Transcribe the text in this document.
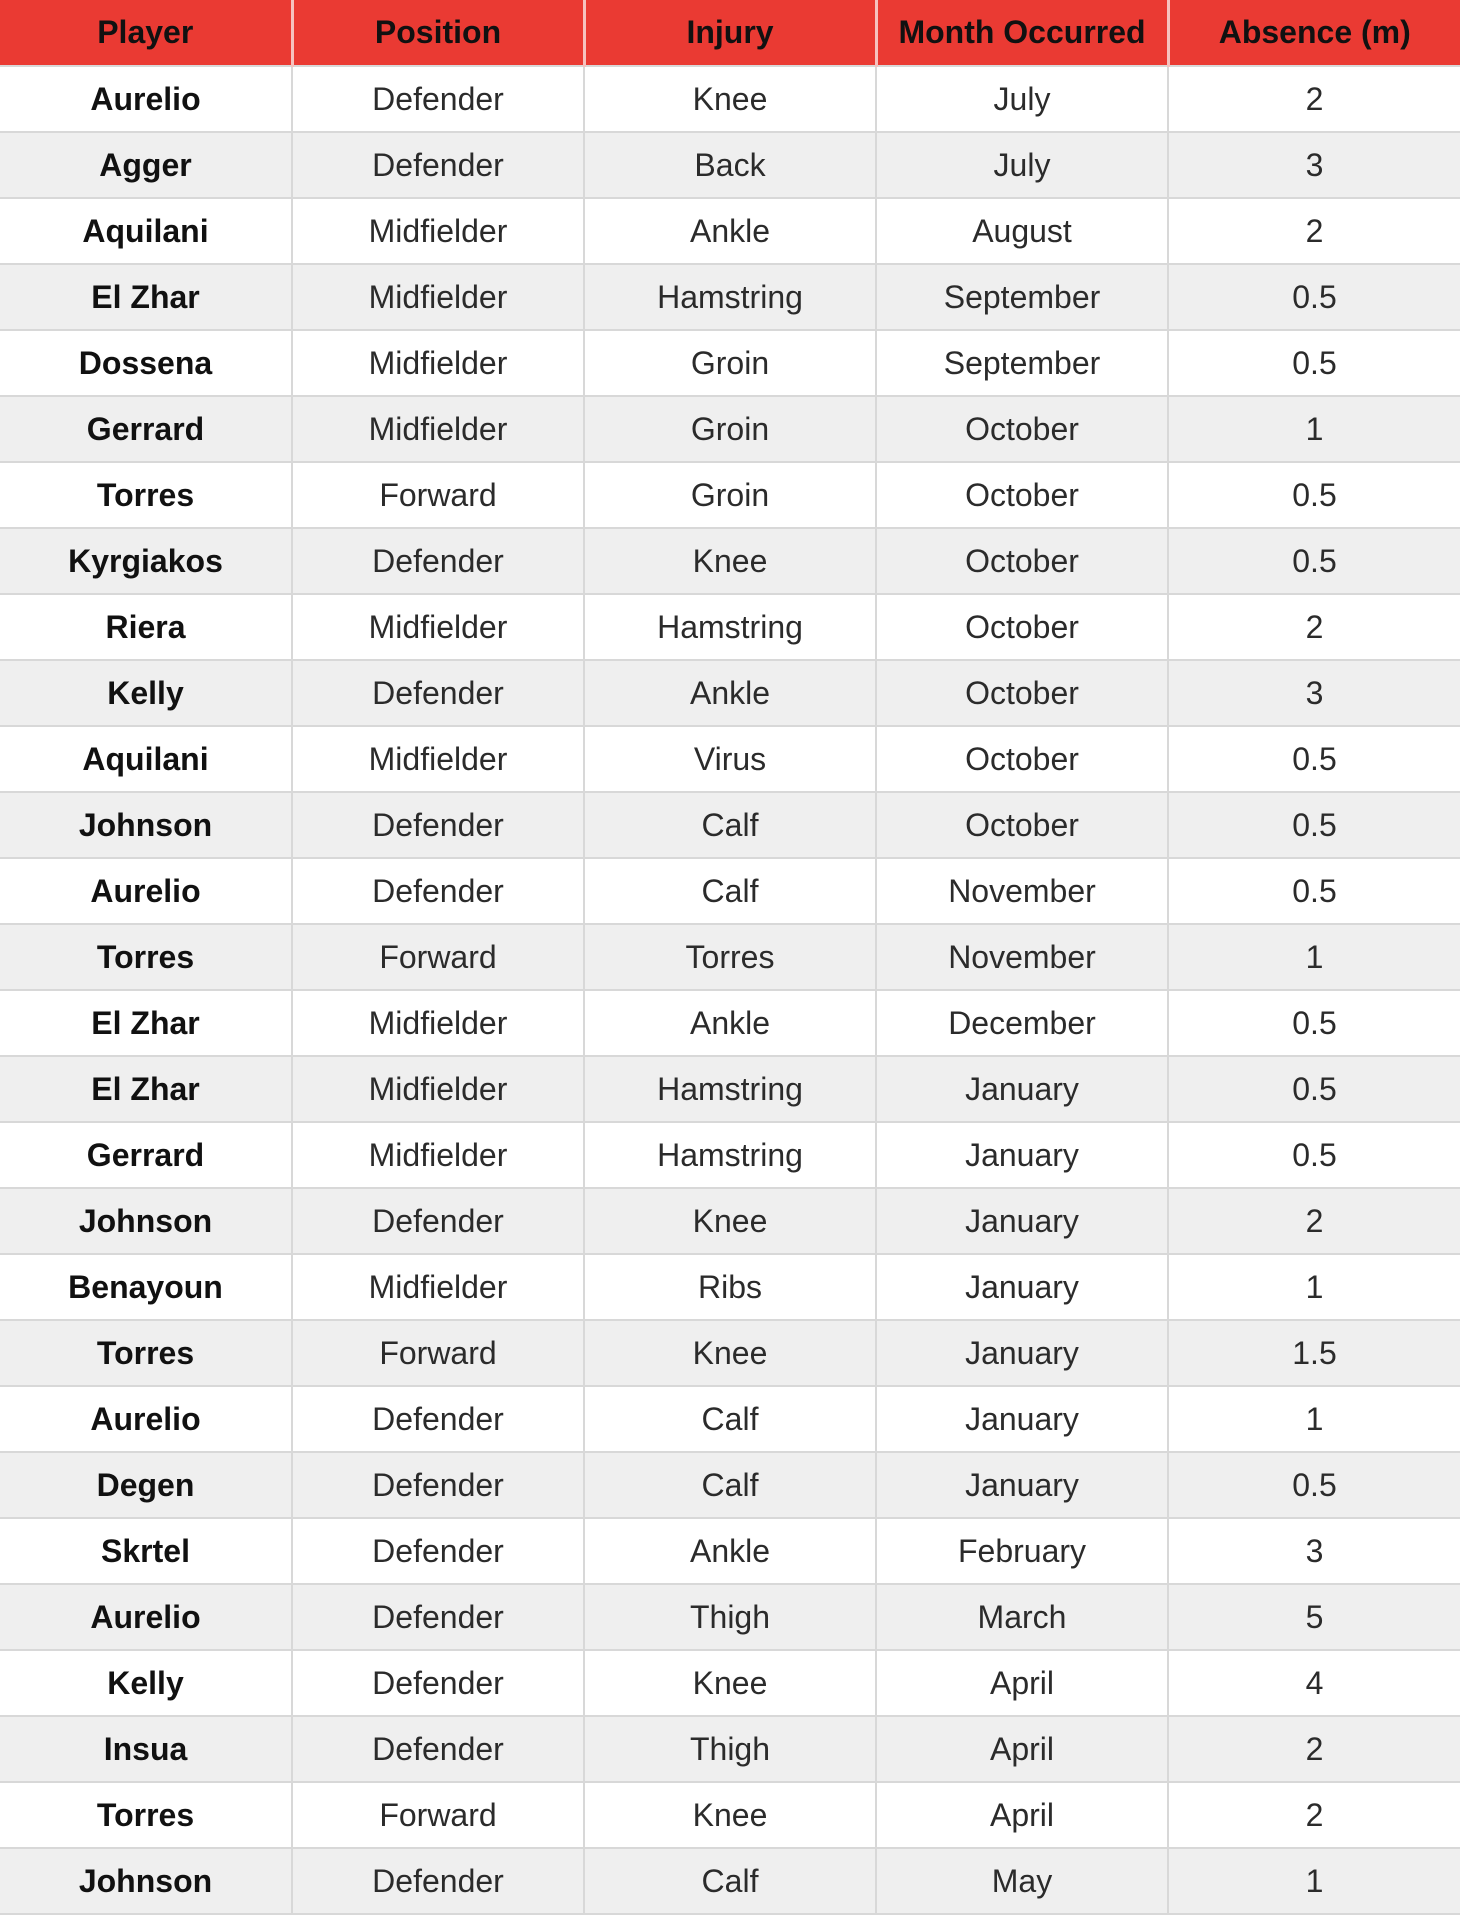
Player	Position	Injury	Month Occurred	Absence (m)
Aurelio	Defender	Knee	July	2
Agger	Defender	Back	July	3
Aquilani	Midfielder	Ankle	August	2
El Zhar	Midfielder	Hamstring	September	0.5
Dossena	Midfielder	Groin	September	0.5
Gerrard	Midfielder	Groin	October	1
Torres	Forward	Groin	October	0.5
Kyrgiakos	Defender	Knee	October	0.5
Riera	Midfielder	Hamstring	October	2
Kelly	Defender	Ankle	October	3
Aquilani	Midfielder	Virus	October	0.5
Johnson	Defender	Calf	October	0.5
Aurelio	Defender	Calf	November	0.5
Torres	Forward	Torres	November	1
El Zhar	Midfielder	Ankle	December	0.5
El Zhar	Midfielder	Hamstring	January	0.5
Gerrard	Midfielder	Hamstring	January	0.5
Johnson	Defender	Knee	January	2
Benayoun	Midfielder	Ribs	January	1
Torres	Forward	Knee	January	1.5
Aurelio	Defender	Calf	January	1
Degen	Defender	Calf	January	0.5
Skrtel	Defender	Ankle	February	3
Aurelio	Defender	Thigh	March	5
Kelly	Defender	Knee	April	4
Insua	Defender	Thigh	April	2
Torres	Forward	Knee	April	2
Johnson	Defender	Calf	May	1
